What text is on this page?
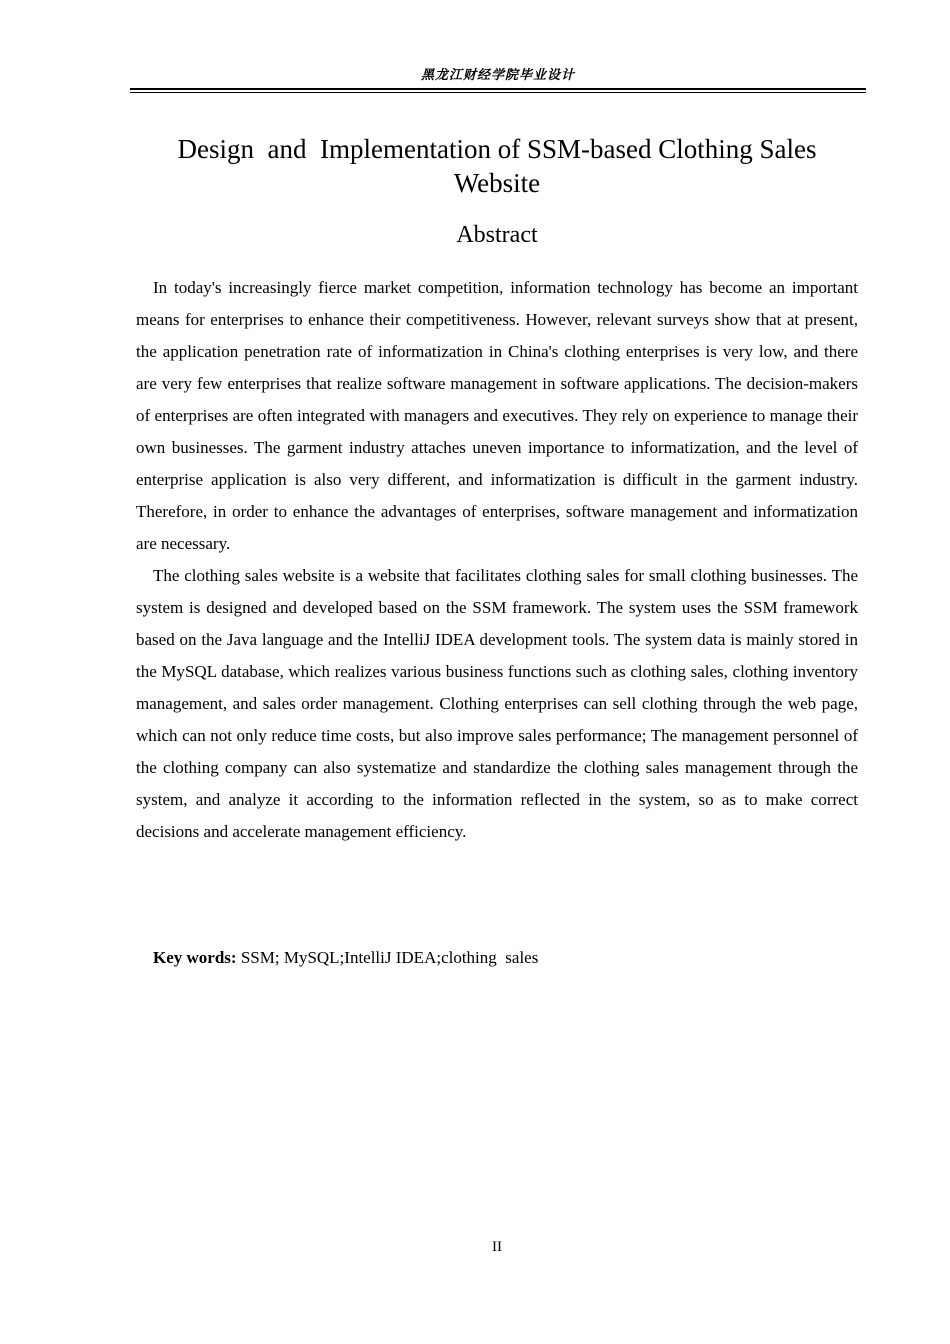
黑龙江财经学院毕业设计
Design  and  Implementation of SSM-based Clothing Sales Website
Abstract

In today's increasingly fierce market competition, information technology has become an important means for enterprises to enhance their competitiveness. However, relevant surveys show that at present, the application penetration rate of informatization in China's clothing enterprises is very low, and there are very few enterprises that realize software management in software applications. The decision-makers of enterprises are often integrated with managers and executives. They rely on experience to manage their own businesses. The garment industry attaches uneven importance to informatization, and the level of enterprise application is also very different, and informatization is difficult in the garment industry. Therefore, in order to enhance the advantages of enterprises, software management and informatization are necessary.

The clothing sales website is a website that facilitates clothing sales for small clothing businesses. The system is designed and developed based on the SSM framework. The system uses the SSM framework based on the Java language and the IntelliJ IDEA development tools. The system data is mainly stored in the MySQL database, which realizes various business functions such as clothing sales, clothing inventory management, and sales order management. Clothing enterprises can sell clothing through the web page, which can not only reduce time costs, but also improve sales performance; The management personnel of the clothing company can also systematize and standardize the clothing sales management through the system, and analyze it according to the information reflected in the system, so as to make correct decisions and accelerate management efficiency.

Key words: SSM; MySQL;IntelliJ IDEA;clothing  sales
II
